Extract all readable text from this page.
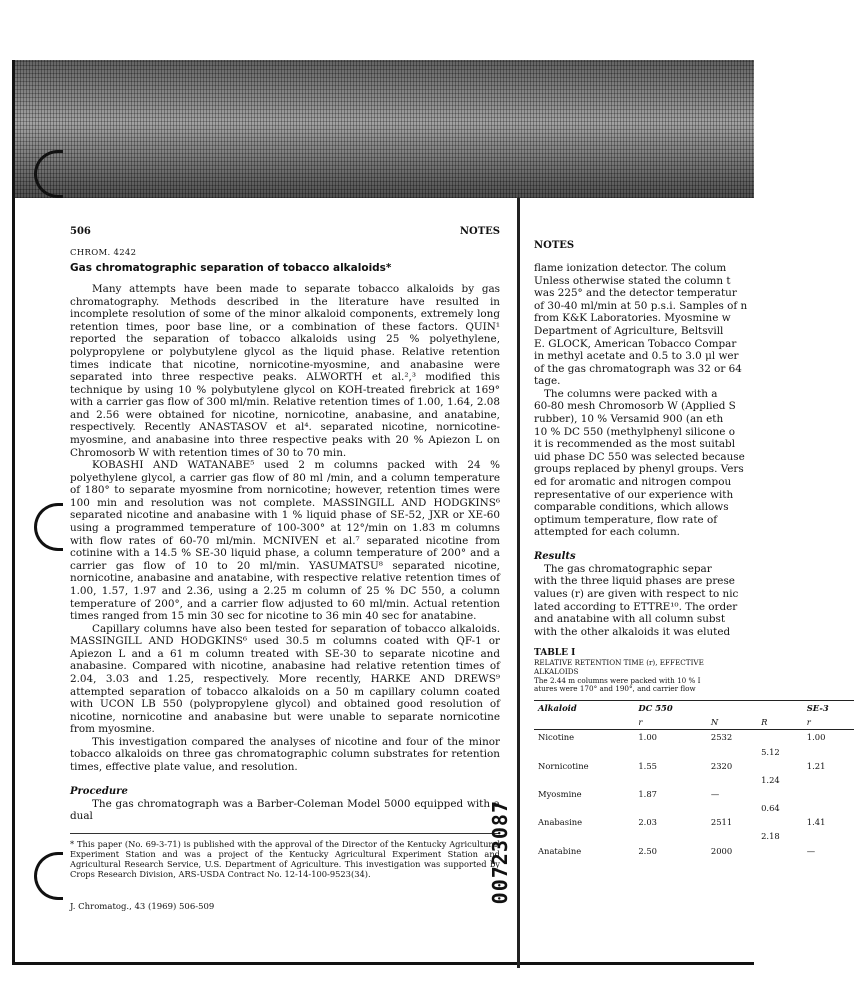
506	NOTES
CHROM. 4242
Gas chromatographic separation of tobacco alkaloids*

Many attempts have been made to separate tobacco alkaloids by gas chromatography. Methods described in the literature have resulted in incomplete resolution of some of the minor alkaloid components, extremely long retention times, poor base line, or a combination of these factors. QUIN¹ reported the separation of tobacco alkaloids using 25 % polyethylene, polypropylene or polybutylene glycol as the liquid phase. Relative retention times indicate that nicotine, nornicotine-myosmine, and anabasine were separated into three respective peaks. ALWORTH et al.²,³ modified this technique by using 10 % polybutylene glycol on KOH-treated firebrick at 169° with a carrier gas flow of 300 ml/min. Relative retention times of 1.00, 1.64, 2.08 and 2.56 were obtained for nicotine, nornicotine, anabasine, and anatabine, respectively. Recently ANASTASOV et al⁴. separated nicotine, nornicotine-myosmine, and anabasine into three respective peaks with 20 % Apiezon L on Chromosorb W with retention times of 30 to 70 min.

KOBASHI AND WATANABE⁵ used 2 m columns packed with 24 % polyethylene glycol, a carrier gas flow of 80 ml /min, and a column temperature of 180° to separate myosmine from nornicotine; however, retention times were 100 min and resolution was not complete. MASSINGILL AND HODGKINS⁶ separated nicotine and anabasine with 1 % liquid phase of SE-52, JXR or XE-60 using a programmed temperature of 100-300° at 12°/min on 1.83 m columns with flow rates of 60-70 ml/min. MCNIVEN et al.⁷ separated nicotine from cotinine with a 14.5 % SE-30 liquid phase, a column temperature of 200° and a carrier gas flow of 10 to 20 ml/min. YASUMATSU⁸ separated nicotine, nornicotine, anabasine and anatabine, with respective relative retention times of 1.00, 1.57, 1.97 and 2.36, using a 2.25 m column of 25 % DC 550, a column temperature of 200°, and a carrier flow adjusted to 60 ml/min. Actual retention times ranged from 15 min 30 sec for nicotine to 36 min 40 sec for anatabine.

Capillary columns have also been tested for separation of tobacco alkaloids. MASSINGILL AND HODGKINS⁶ used 30.5 m columns coated with QF-1 or Apiezon L and a 61 m column treated with SE-30 to separate nicotine and anabasine. Compared with nicotine, anabasine had relative retention times of 2.04, 3.03 and 1.25, respectively. More recently, HARKE AND DREWS⁹ attempted separation of tobacco alkaloids on a 50 m capillary column coated with UCON LB 550 (polypropylene glycol) and obtained good resolution of nicotine, nornicotine and anabasine but were unable to separate nornicotine from myosmine.

This investigation compared the analyses of nicotine and four of the minor tobacco alkaloids on three gas chromatographic column substrates for retention times, effective plate value, and resolution.

Procedure

The gas chromatograph was a Barber-Coleman Model 5000 equipped with a dual

* This paper (No. 69-3-71) is published with the approval of the Director of the Kentucky Agricultural Experiment Station and was a project of the Kentucky Agricultural Experiment Station and Agricultural Research Service, U.S. Department of Agriculture. This investigation was supported by Crops Research Division, ARS-USDA Contract No. 12-14-100-9523(34).
J. Chromatog., 43 (1969) 506-509
00723087
NOTES
flame ionization detector. The colum
Unless otherwise stated the column t
was 225° and the detector temperatur
of 30-40 ml/min at 50 p.s.i. Samples of n
from K&K Laboratories. Myosmine w
Department of Agriculture, Beltsvill
E. GLOCK, American Tobacco Compar
in methyl acetate and 0.5 to 3.0 μl wer
of the gas chromatograph was 32 or 64
tage.
The columns were packed with a
60-80 mesh Chromosorb W (Applied S
rubber), 10 % Versamid 900 (an eth
10 % DC 550 (methylphenyl silicone o
it is recommended as the most suitabl
uid phase DC 550 was selected because
groups replaced by phenyl groups. Vers
ed for aromatic and nitrogen compou
representative of our experience with
comparable conditions, which allows
optimum temperature, flow rate of
attempted for each column.
Results
The gas chromatographic separ
with the three liquid phases are prese
values (r) are given with respect to nic
lated according to ETTRE¹⁰. The order
and anatabine with all column subst
with the other alkaloids it was eluted
TABLE I
RELATIVE RETENTION TIME (r), EFFECTIVE
ALKALOIDS
The 2.44 m columns were packed with 10 % I
atures were 170° and 190°, and carrier flow
Alkaloid	DC 550			SE-3
	r	N	R	r
Nicotine	1.00	2532		1.00
			5.12	
Nornicotine	1.55	2320		1.21
			1.24	
Myosmine	1.87	—		
			0.64	
Anabasine	2.03	2511		1.41
			2.18	
Anatabine	2.50	2000		—
